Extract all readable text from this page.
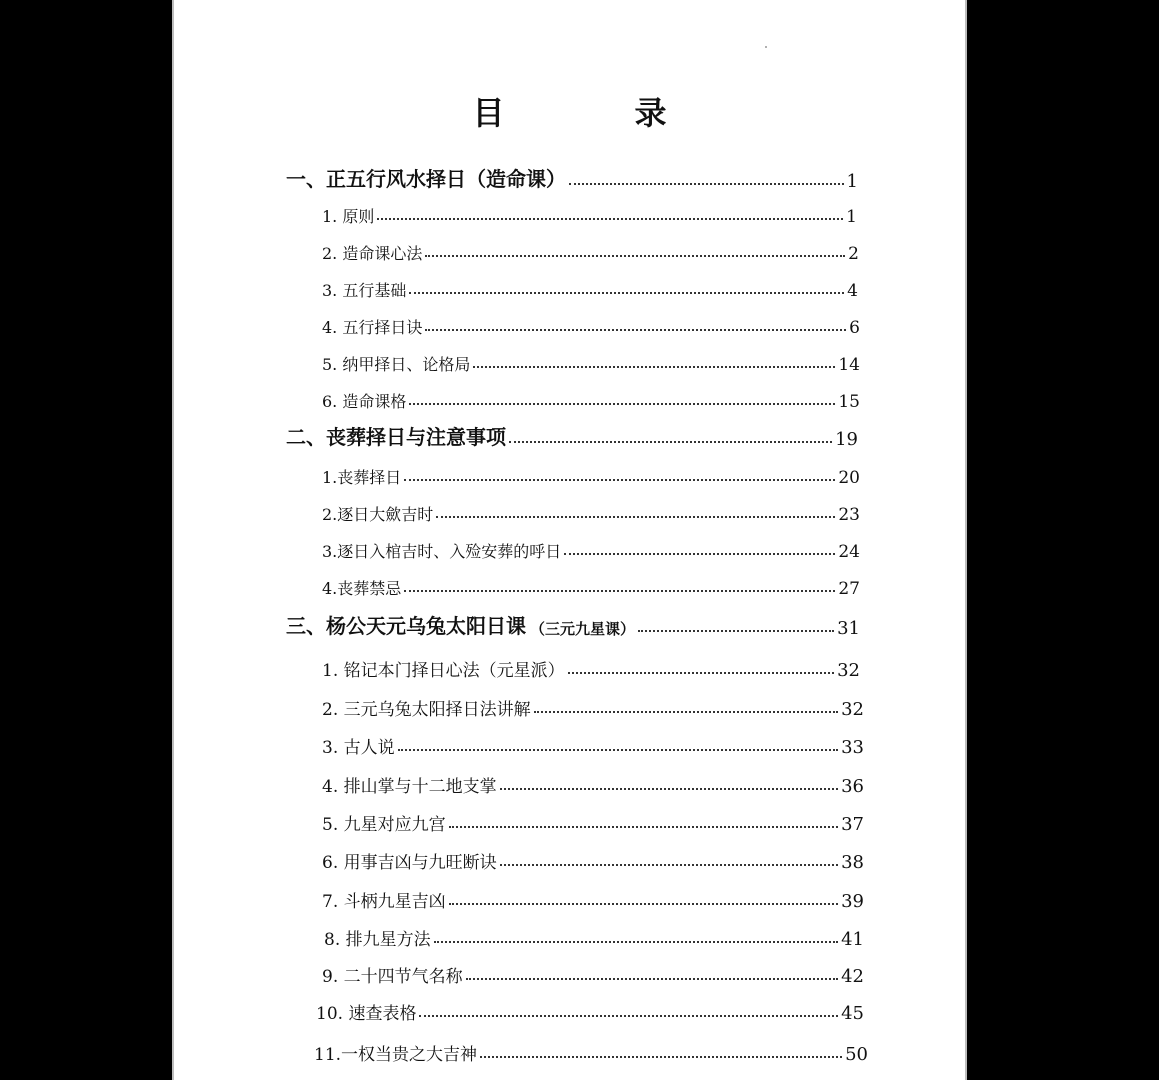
目	录
一、正五行风水择日（造命课）	1
1. 原则	1
2. 造命课心法	2
3. 五行基础	4
4. 五行择日诀	6
5. 纳甲择日、论格局	14
6. 造命课格	15
二、丧葬择日与注意事项	19
1.丧葬择日	20
2.逐日大歛吉时	23
3.逐日入棺吉时、入殓安葬的呼日	24
4.丧葬禁忌	27
三、杨公天元乌兔太阳日课 （三元九星课）	31
1. 铭记本门择日心法（元星派）	32
2. 三元乌兔太阳择日法讲解	32
3. 古人说	33
4. 排山掌与十二地支掌	36
5. 九星对应九宫	37
6. 用事吉凶与九旺断诀	38
7. 斗柄九星吉凶	39
8. 排九星方法	41
9. 二十四节气名称	42
10. 速查表格	45
11.一权当贵之大吉神	50
